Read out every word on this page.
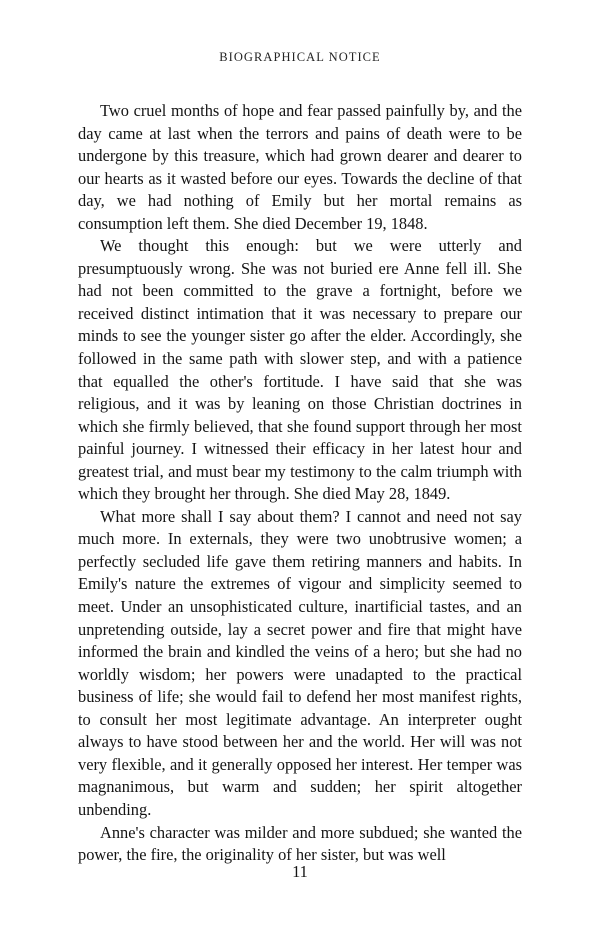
BIOGRAPHICAL NOTICE

Two cruel months of hope and fear passed painfully by, and the day came at last when the terrors and pains of death were to be undergone by this treasure, which had grown dearer and dearer to our hearts as it wasted before our eyes. Towards the decline of that day, we had nothing of Emily but her mortal remains as consumption left them. She died December 19, 1848.

We thought this enough: but we were utterly and presumptuously wrong. She was not buried ere Anne fell ill. She had not been committed to the grave a fortnight, before we received distinct intimation that it was necessary to prepare our minds to see the younger sister go after the elder. Accordingly, she followed in the same path with slower step, and with a patience that equalled the other's fortitude. I have said that she was religious, and it was by leaning on those Christian doctrines in which she firmly believed, that she found support through her most painful journey. I witnessed their efficacy in her latest hour and greatest trial, and must bear my testimony to the calm triumph with which they brought her through. She died May 28, 1849.

What more shall I say about them? I cannot and need not say much more. In externals, they were two unobtrusive women; a perfectly secluded life gave them retiring manners and habits. In Emily's nature the extremes of vigour and simplicity seemed to meet. Under an unsophisticated culture, inartificial tastes, and an unpretending outside, lay a secret power and fire that might have informed the brain and kindled the veins of a hero; but she had no worldly wisdom; her powers were unadapted to the practical business of life; she would fail to defend her most manifest rights, to consult her most legitimate advantage. An interpreter ought always to have stood between her and the world. Her will was not very flexible, and it generally opposed her interest. Her temper was magnanimous, but warm and sudden; her spirit altogether unbending.

Anne's character was milder and more subdued; she wanted the power, the fire, the originality of her sister, but was well

11
